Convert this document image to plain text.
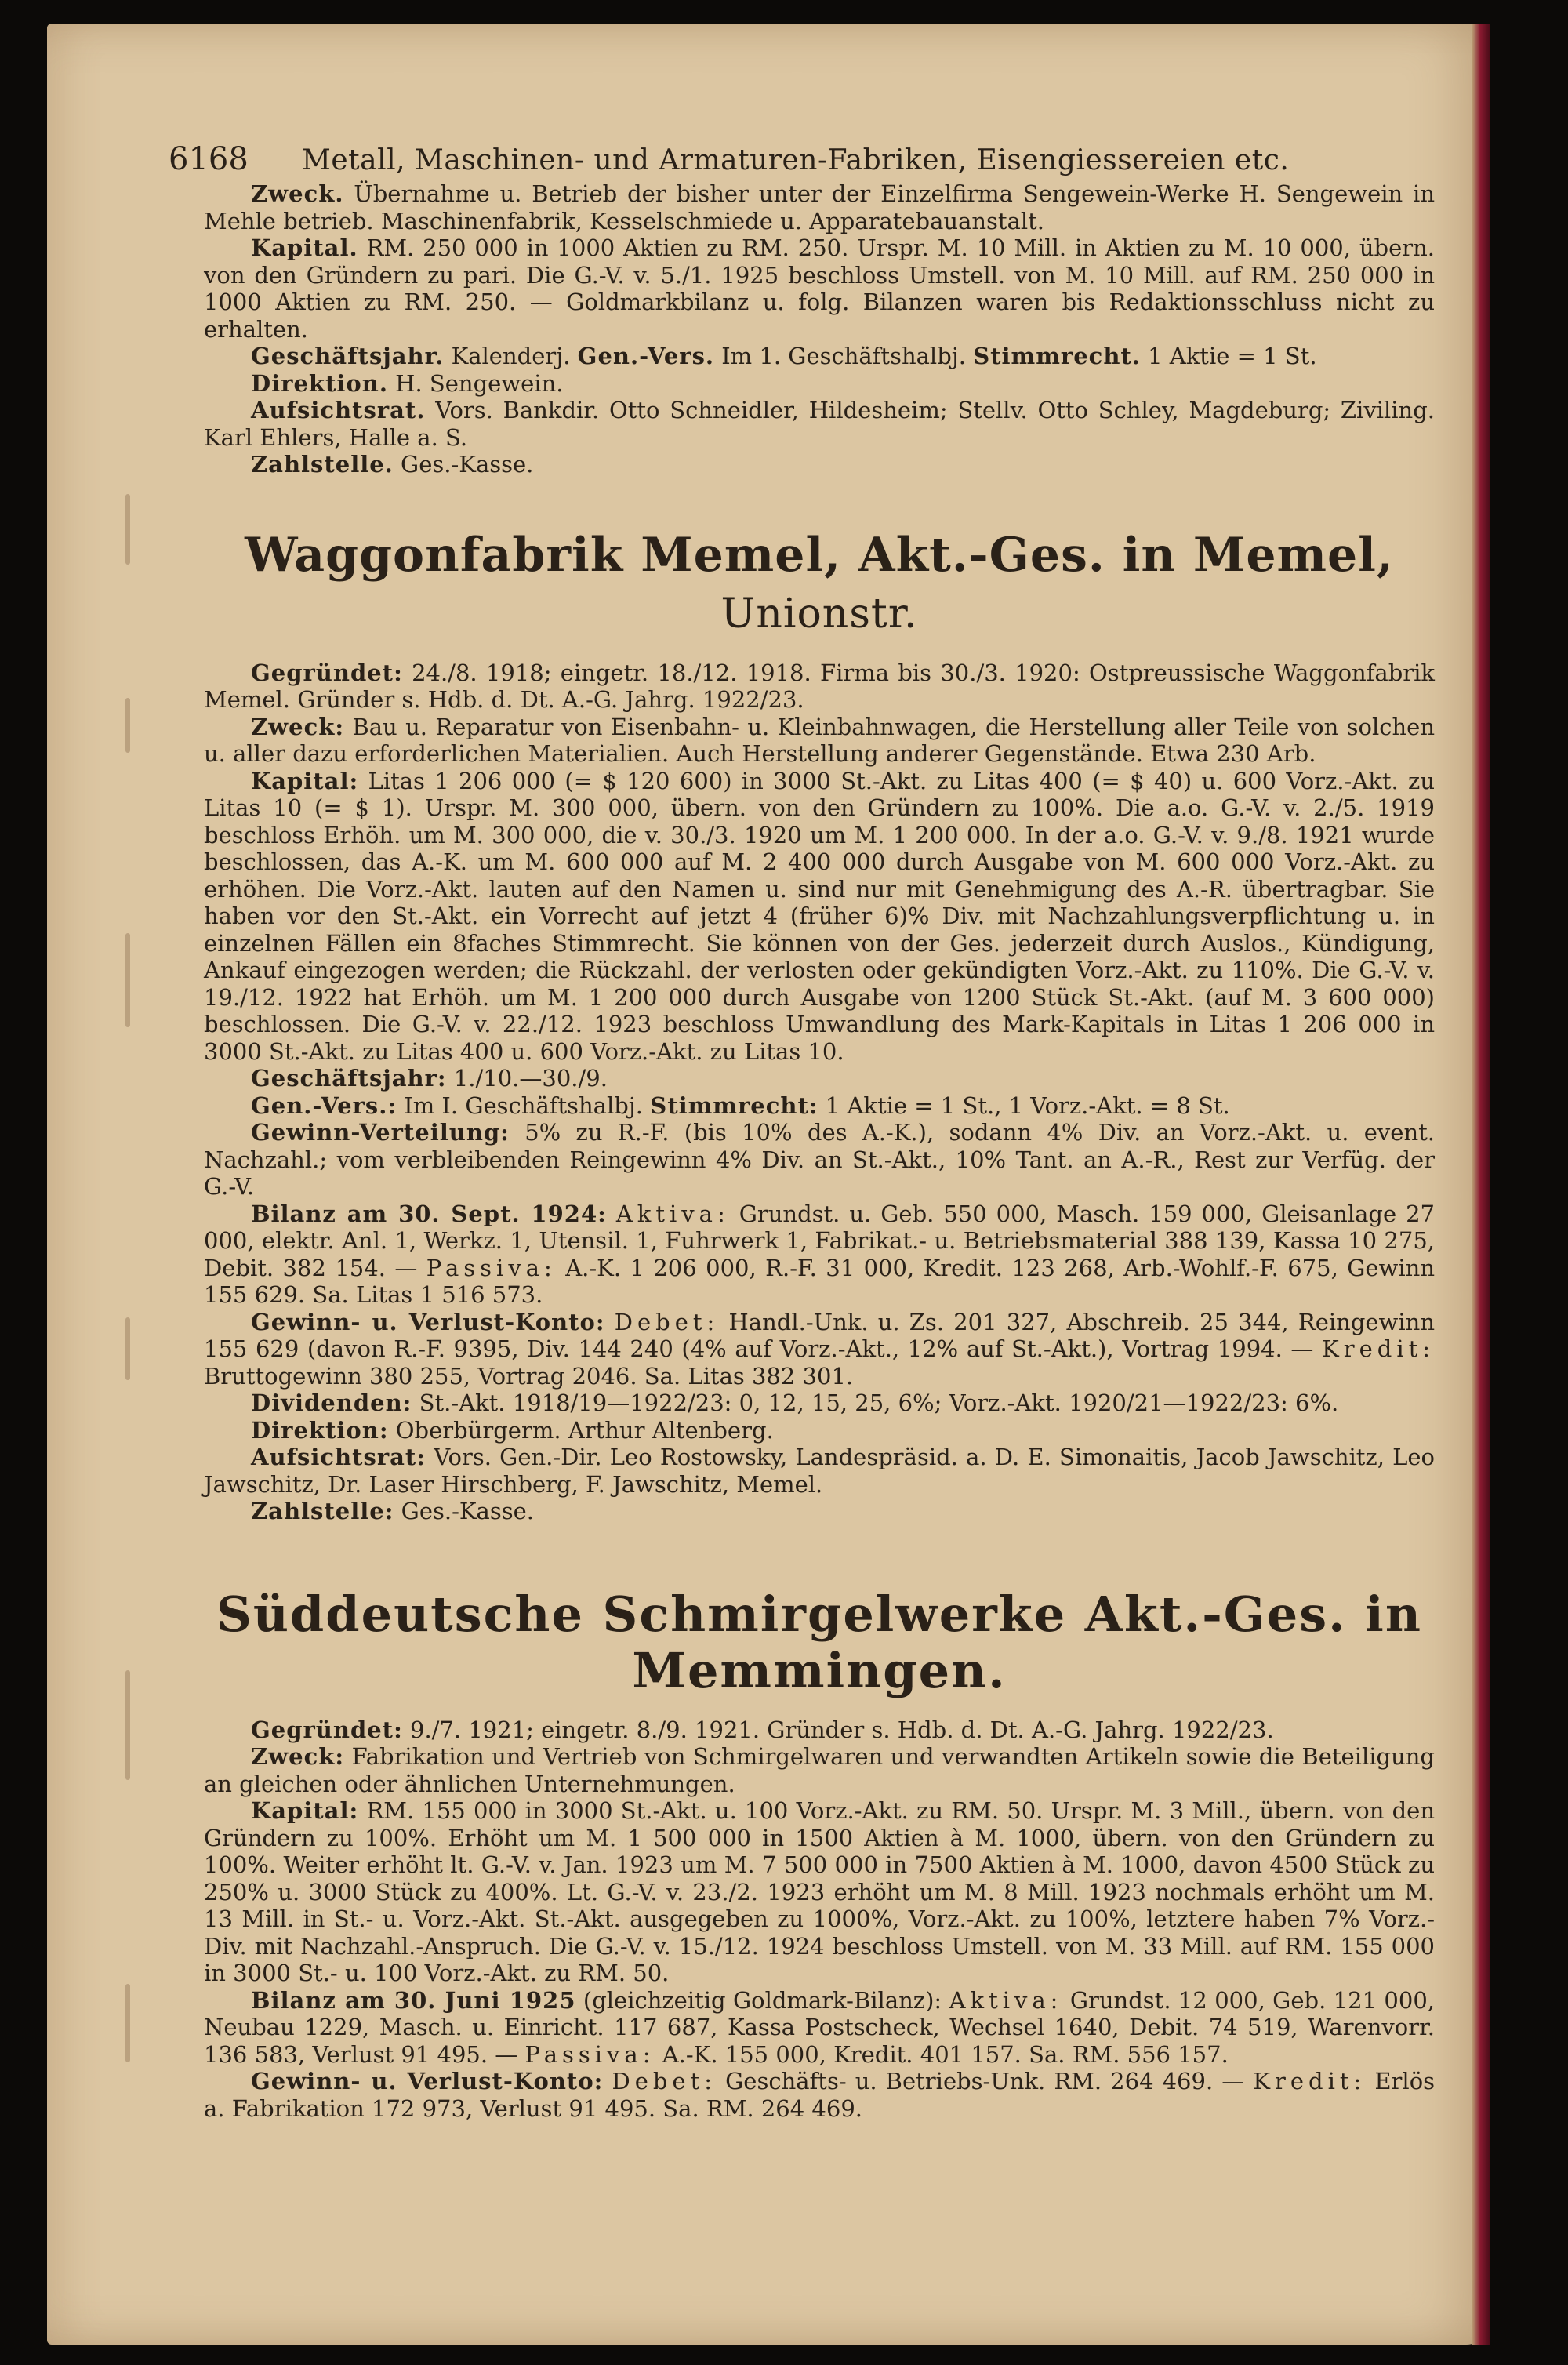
6168	Metall, Maschinen- und Armaturen-Fabriken, Eisengiessereien etc.

Zweck. Übernahme u. Betrieb der bisher unter der Einzelfirma Sengewein-Werke H. Sengewein in Mehle betrieb. Maschinenfabrik, Kesselschmiede u. Apparatebauanstalt.

Kapital. RM. 250 000 in 1000 Aktien zu RM. 250. Urspr. M. 10 Mill. in Aktien zu M. 10 000, übern. von den Gründern zu pari. Die G.-V. v. 5./1. 1925 beschloss Umstell. von M. 10 Mill. auf RM. 250 000 in 1000 Aktien zu RM. 250. — Goldmarkbilanz u. folg. Bilanzen waren bis Redaktionsschluss nicht zu erhalten.

Geschäftsjahr. Kalenderj. Gen.-Vers. Im 1. Geschäftshalbj. Stimmrecht. 1 Aktie = 1 St.

Direktion. H. Sengewein.

Aufsichtsrat. Vors. Bankdir. Otto Schneidler, Hildesheim; Stellv. Otto Schley, Magdeburg; Ziviling. Karl Ehlers, Halle a. S.

Zahlstelle. Ges.-Kasse.

Waggonfabrik Memel, Akt.-Ges. in Memel, Unionstr.

Gegründet: 24./8. 1918; eingetr. 18./12. 1918. Firma bis 30./3. 1920: Ostpreussische Waggonfabrik Memel. Gründer s. Hdb. d. Dt. A.-G. Jahrg. 1922/23.

Zweck: Bau u. Reparatur von Eisenbahn- u. Kleinbahnwagen, die Herstellung aller Teile von solchen u. aller dazu erforderlichen Materialien. Auch Herstellung anderer Gegenstände. Etwa 230 Arb.

Kapital: Litas 1 206 000 (= $ 120 600) in 3000 St.-Akt. zu Litas 400 (= $ 40) u. 600 Vorz.-Akt. zu Litas 10 (= $ 1). Urspr. M. 300 000, übern. von den Gründern zu 100%. Die a.o. G.-V. v. 2./5. 1919 beschloss Erhöh. um M. 300 000, die v. 30./3. 1920 um M. 1 200 000. In der a.o. G.-V. v. 9./8. 1921 wurde beschlossen, das A.-K. um M. 600 000 auf M. 2 400 000 durch Ausgabe von M. 600 000 Vorz.-Akt. zu erhöhen. Die Vorz.-Akt. lauten auf den Namen u. sind nur mit Genehmigung des A.-R. übertragbar. Sie haben vor den St.-Akt. ein Vorrecht auf jetzt 4 (früher 6)% Div. mit Nachzahlungsverpflichtung u. in einzelnen Fällen ein 8faches Stimmrecht. Sie können von der Ges. jederzeit durch Auslos., Kündigung, Ankauf eingezogen werden; die Rückzahl. der verlosten oder gekündigten Vorz.-Akt. zu 110%. Die G.-V. v. 19./12. 1922 hat Erhöh. um M. 1 200 000 durch Ausgabe von 1200 Stück St.-Akt. (auf M. 3 600 000) beschlossen. Die G.-V. v. 22./12. 1923 beschloss Umwandlung des Mark-Kapitals in Litas 1 206 000 in 3000 St.-Akt. zu Litas 400 u. 600 Vorz.-Akt. zu Litas 10.

Geschäftsjahr: 1./10.—30./9.

Gen.-Vers.: Im I. Geschäftshalbj. Stimmrecht: 1 Aktie = 1 St., 1 Vorz.-Akt. = 8 St.

Gewinn-Verteilung: 5% zu R.-F. (bis 10% des A.-K.), sodann 4% Div. an Vorz.-Akt. u. event. Nachzahl.; vom verbleibenden Reingewinn 4% Div. an St.-Akt., 10% Tant. an A.-R., Rest zur Verfüg. der G.-V.

Bilanz am 30. Sept. 1924: Aktiva: Grundst. u. Geb. 550 000, Masch. 159 000, Gleisanlage 27 000, elektr. Anl. 1, Werkz. 1, Utensil. 1, Fuhrwerk 1, Fabrikat.- u. Betriebsmaterial 388 139, Kassa 10 275, Debit. 382 154. — Passiva: A.-K. 1 206 000, R.-F. 31 000, Kredit. 123 268, Arb.-Wohlf.-F. 675, Gewinn 155 629. Sa. Litas 1 516 573.

Gewinn- u. Verlust-Konto: Debet: Handl.-Unk. u. Zs. 201 327, Abschreib. 25 344, Reingewinn 155 629 (davon R.-F. 9395, Div. 144 240 (4% auf Vorz.-Akt., 12% auf St.-Akt.), Vortrag 1994. — Kredit: Bruttogewinn 380 255, Vortrag 2046. Sa. Litas 382 301.

Dividenden: St.-Akt. 1918/19—1922/23: 0, 12, 15, 25, 6%; Vorz.-Akt. 1920/21—1922/23: 6%.

Direktion: Oberbürgerm. Arthur Altenberg.

Aufsichtsrat: Vors. Gen.-Dir. Leo Rostowsky, Landespräsid. a. D. E. Simonaitis, Jacob Jawschitz, Leo Jawschitz, Dr. Laser Hirschberg, F. Jawschitz, Memel.

Zahlstelle: Ges.-Kasse.

Süddeutsche Schmirgelwerke Akt.-Ges. in Memmingen.

Gegründet: 9./7. 1921; eingetr. 8./9. 1921. Gründer s. Hdb. d. Dt. A.-G. Jahrg. 1922/23.

Zweck: Fabrikation und Vertrieb von Schmirgelwaren und verwandten Artikeln sowie die Beteiligung an gleichen oder ähnlichen Unternehmungen.

Kapital: RM. 155 000 in 3000 St.-Akt. u. 100 Vorz.-Akt. zu RM. 50. Urspr. M. 3 Mill., übern. von den Gründern zu 100%. Erhöht um M. 1 500 000 in 1500 Aktien à M. 1000, übern. von den Gründern zu 100%. Weiter erhöht lt. G.-V. v. Jan. 1923 um M. 7 500 000 in 7500 Aktien à M. 1000, davon 4500 Stück zu 250% u. 3000 Stück zu 400%. Lt. G.-V. v. 23./2. 1923 erhöht um M. 8 Mill. 1923 nochmals erhöht um M. 13 Mill. in St.- u. Vorz.-Akt. St.-Akt. ausgegeben zu 1000%, Vorz.-Akt. zu 100%, letztere haben 7% Vorz.-Div. mit Nachzahl.-Anspruch. Die G.-V. v. 15./12. 1924 beschloss Umstell. von M. 33 Mill. auf RM. 155 000 in 3000 St.- u. 100 Vorz.-Akt. zu RM. 50.

Bilanz am 30. Juni 1925 (gleichzeitig Goldmark-Bilanz): Aktiva: Grundst. 12 000, Geb. 121 000, Neubau 1229, Masch. u. Einricht. 117 687, Kassa Postscheck, Wechsel 1640, Debit. 74 519, Warenvorr. 136 583, Verlust 91 495. — Passiva: A.-K. 155 000, Kredit. 401 157. Sa. RM. 556 157.

Gewinn- u. Verlust-Konto: Debet: Geschäfts- u. Betriebs-Unk. RM. 264 469. — Kredit: Erlös a. Fabrikation 172 973, Verlust 91 495. Sa. RM. 264 469.
